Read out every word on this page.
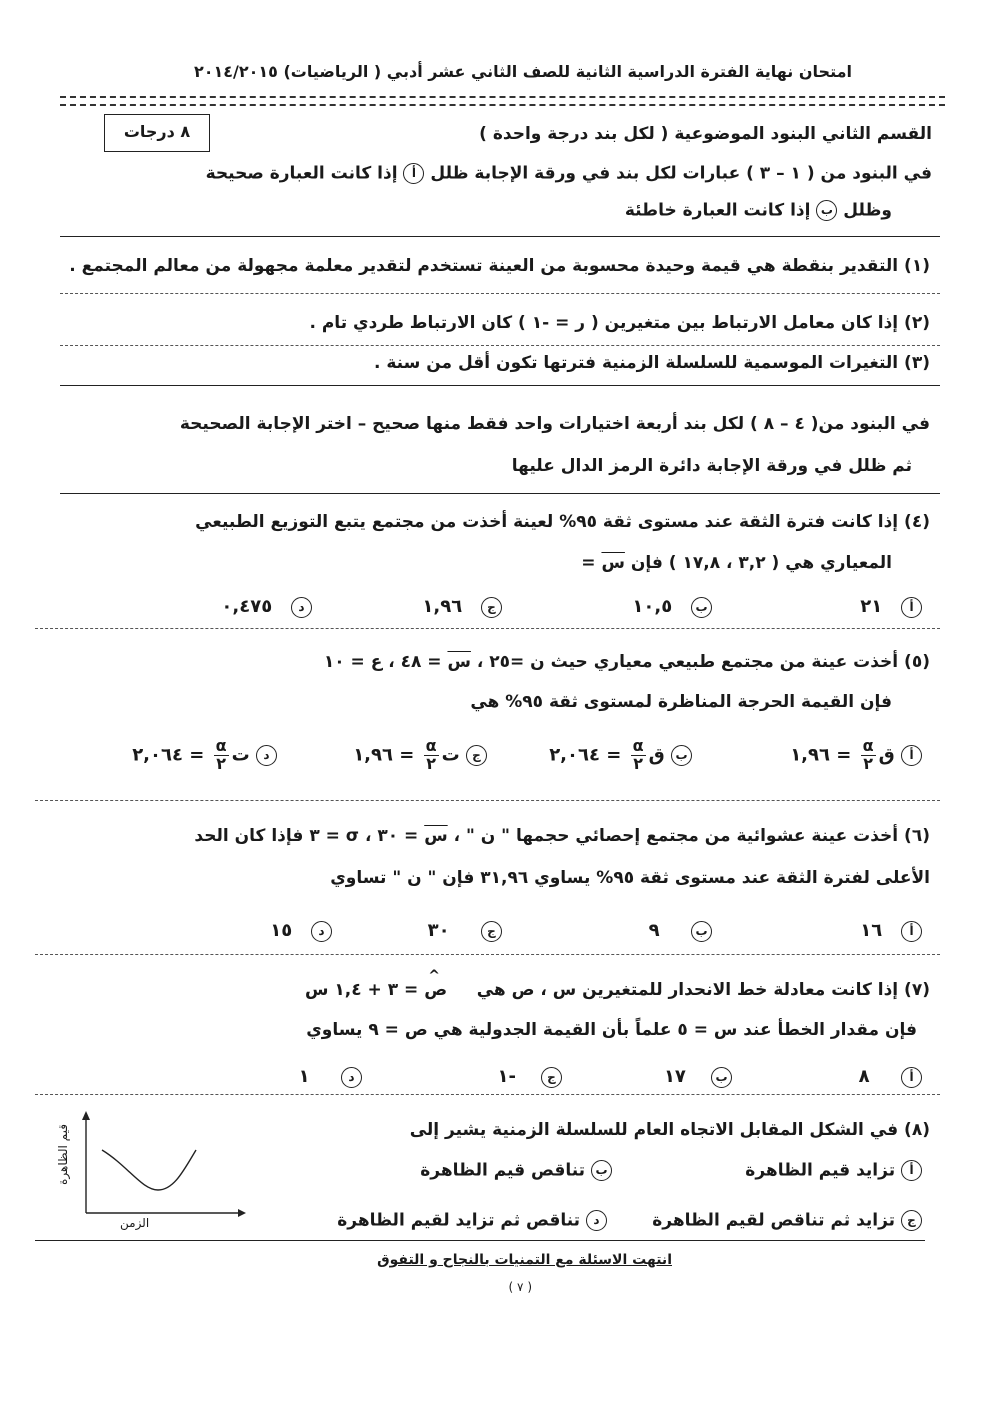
امتحان نهاية الفترة الدراسية الثانية للصف الثاني عشر أدبي ( الرياضيات) ٢٠١٤/٢٠١٥
القسم الثاني البنود الموضوعية ( لكل بند درجة واحدة )
٨ درجات
في البنود من ( ١ – ٣ ) عبارات لكل بند في ورقة الإجابة ظلل أ إذا كانت العبارة صحيحة
وظلل ب إذا كانت العبارة خاطئة
(١) التقدير بنقطة هي قيمة وحيدة محسوبة من العينة تستخدم لتقدير معلمة مجهولة من معالم المجتمع .
(٢) إذا كان معامل الارتباط بين متغيرين ( ر = -١ ) كان الارتباط طردي تام .
(٣) التغيرات الموسمية للسلسلة الزمنية فترتها تكون أقل من سنة .
في البنود من( ٤ – ٨ ) لكل بند أربعة اختيارات واحد فقط منها صحيح – اختر الإجابة الصحيحة
ثم ظلل في ورقة الإجابة دائرة الرمز الدال عليها
(٤) إذا كانت فترة الثقة عند مستوى ثقة ٩٥% لعينة أخذت من مجتمع يتبع التوزيع الطبيعي
المعياري هي ( ٣,٢ ، ١٧,٨ ) فإن س =
أ   ٢١
ب   ١٠,٥
ج   ١,٩٦
د   ٠,٤٧٥
(٥) أخذت عينة من مجتمع طبيعي معياري حيث ن =٢٥ ، س = ٤٨ ، ع = ١٠
فإن القيمة الحرجة المناظرة لمستوى ثقة ٩٥% هي
أ ق
$\frac{\alpha}{٢}$
= ١,٩٦
ب ق
$\frac{\alpha}{٢}$
= ٢,٠٦٤
ج ت
$\frac{\alpha}{٢}$
= ١,٩٦
د ت
$\frac{\alpha}{٢}$
= ٢,٠٦٤
(٦) أخذت عينة عشوائية من مجتمع إحصائي حجمها " ن " ، س = ٣٠ ، σ = ٣ فإذا كان الحد
الأعلى لفترة الثقة عند مستوى ثقة ٩٥% يساوي ٣١,٩٦ فإن " ن " تساوي
أ   ١٦
ب     ٩
ج     ٣٠
د   ١٥
(٧) إذا كانت معادلة خط الانحدار للمتغيرين س ، ص هي     ص
^
= ٣ + ١,٤ س
فإن مقدار الخطأ عند س = ٥ علماً بأن القيمة الجدولية هي ص = ٩ يساوي
أ     ٨
ب    ١٧
ج    -١
د     ١
(٨) في الشكل المقابل الاتجاه العام للسلسلة الزمنية يشير إلى
أ تزايد قيم الظاهرة
ب تناقص قيم الظاهرة
ج تزايد ثم تناقص لقيم الظاهرة
د تناقص ثم تزايد لقيم الظاهرة
قيم الظاهرة
الزمن
انتهت الاسئلة مع التمنيات بالنجاح و التفوق
( ٧ )
